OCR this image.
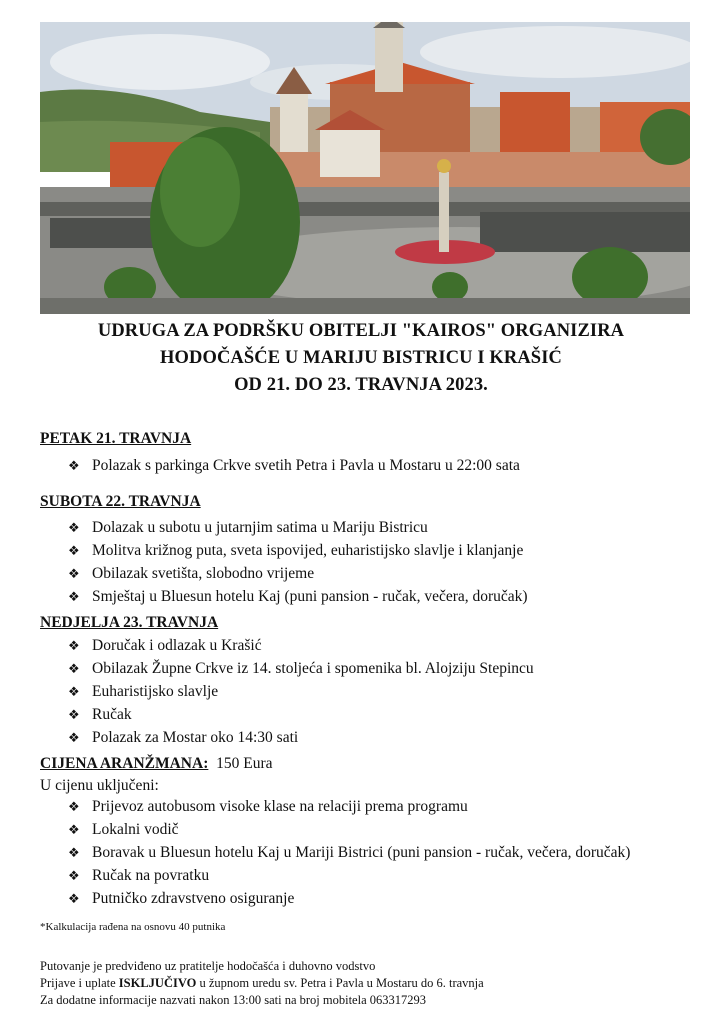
UDRUGA ZA PODRŠKU OBITELJI "KAIROS" ORGANIZIRA
HODOČAŠĆE U MARIJU BISTRICU I KRAŠIĆ
OD 21. DO 23. TRAVNJA 2023.
PETAK 21. TRAVNJA
❖ Polazak s parkinga Crkve svetih Petra i Pavla u Mostaru u 22:00 sata
SUBOTA 22. TRAVNJA
❖ Dolazak u subotu u jutarnjim satima u Mariju Bistricu
❖ Molitva križnog puta, sveta ispovijed, euharistijsko slavlje i klanjanje
❖ Obilazak svetišta, slobodno vrijeme
❖ Smještaj u Bluesun hotelu Kaj (puni pansion - ručak, večera, doručak)
NEDJELJA 23. TRAVNJA
❖ Doručak i odlazak u Krašić
❖ Obilazak Župne Crkve iz 14. stoljeća i spomenika bl. Alojziju Stepincu
❖ Euharistijsko slavlje
❖ Ručak
❖ Polazak za Mostar oko 14:30 sati
CIJENA ARANŽMANA: 150 Eura
U cijenu uključeni:
❖ Prijevoz autobusom visoke klase na relaciji prema programu
❖ Lokalni vodič
❖ Boravak u Bluesun hotelu Kaj u Mariji Bistrici (puni pansion - ručak, večera, doručak)
❖ Ručak na povratku
❖ Putničko zdravstveno osiguranje
*Kalkulacija rađena na osnovu 40 putnika
Putovanje je predviđeno uz pratitelje hodočašća i duhovno vodstvo
Prijave i uplate ISKLJUČIVO u župnom uredu sv. Petra i Pavla u Mostaru do 6. travnja
Za dodatne informacije nazvati nakon 13:00 sati na broj mobitela 063317293
